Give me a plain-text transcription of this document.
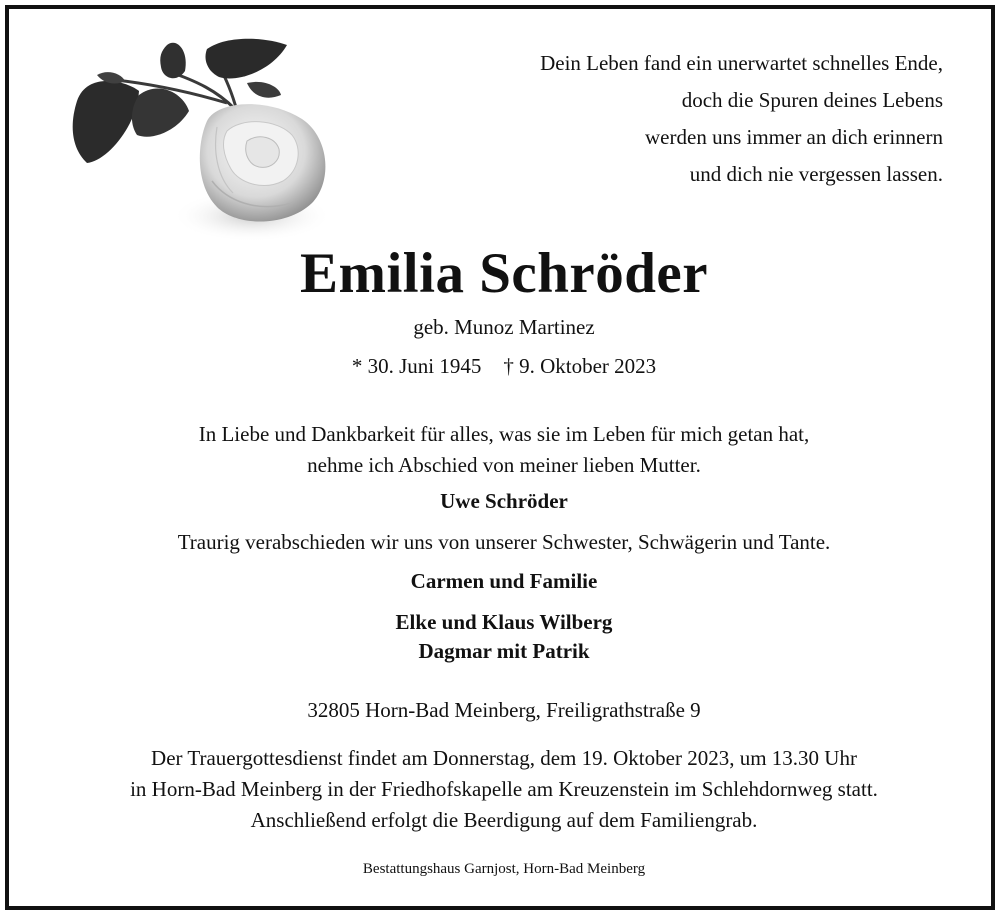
Dein Leben fand ein unerwartet schnelles Ende,
doch die Spuren deines Lebens
werden uns immer an dich erinnern
und dich nie vergessen lassen.
Emilia Schröder
geb. Munoz Martinez
* 30. Juni 1945 † 9. Oktober 2023
In Liebe und Dankbarkeit für alles, was sie im Leben für mich getan hat,
nehme ich Abschied von meiner lieben Mutter.
Uwe Schröder
Traurig verabschieden wir uns von unserer Schwester, Schwägerin und Tante.
Carmen und Familie
Elke und Klaus Wilberg
Dagmar mit Patrik
32805 Horn-Bad Meinberg, Freiligrathstraße 9
Der Trauergottesdienst findet am Donnerstag, dem 19. Oktober 2023, um 13.30 Uhr
in Horn-Bad Meinberg in der Friedhofskapelle am Kreuzenstein im Schlehdornweg statt.
Anschließend erfolgt die Beerdigung auf dem Familiengrab.
Bestattungshaus Garnjost, Horn-Bad Meinberg
